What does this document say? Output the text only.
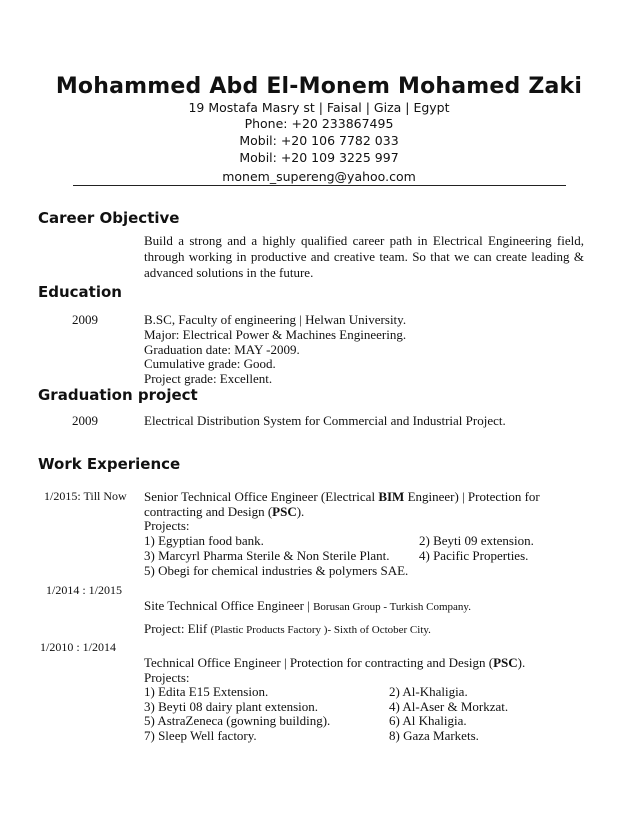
Mohammed Abd El-Monem Mohamed Zaki
19 Mostafa Masry st | Faisal | Giza | Egypt
Phone: +20 233867495
Mobil: +20 106 7782 033
Mobil: +20 109 3225 997
monem_supereng@yahoo.com
Career Objective
Build a strong and a highly qualified career path in Electrical Engineering field, through working in productive and creative team. So that we can create leading & advanced solutions in the future.
Education
2009	B.SC, Faculty of engineering | Helwan University.
Major: Electrical Power & Machines Engineering.
Graduation date: MAY -2009.
Cumulative grade: Good.
Project grade: Excellent.
Graduation project
2009	Electrical Distribution System for Commercial and Industrial Project.
Work Experience
1/2015: Till Now Senior Technical Office Engineer (Electrical BIM Engineer) | Protection for
contracting and Design (PSC).
Projects:
1) Egyptian food bank.	2) Beyti 09 extension.
3) Marcyrl Pharma Sterile & Non Sterile Plant. 4) Pacific Properties.
5) Obegi for chemical industries & polymers SAE.
1/2014 : 1/2015
Site Technical Office Engineer | Borusan Group - Turkish Company.
Project: Elif (Plastic Products Factory )- Sixth of October City.
1/2010 : 1/2014
Technical Office Engineer | Protection for contracting and Design (PSC).
Projects:
1) Edita E15 Extension.	2) Al-Khaligia.
3) Beyti 08 dairy plant extension.	4) Al-Aser & Morkzat.
5) AstraZeneca (gowning building).	6) Al Khaligia.
7) Sleep Well factory.	8) Gaza Markets.
